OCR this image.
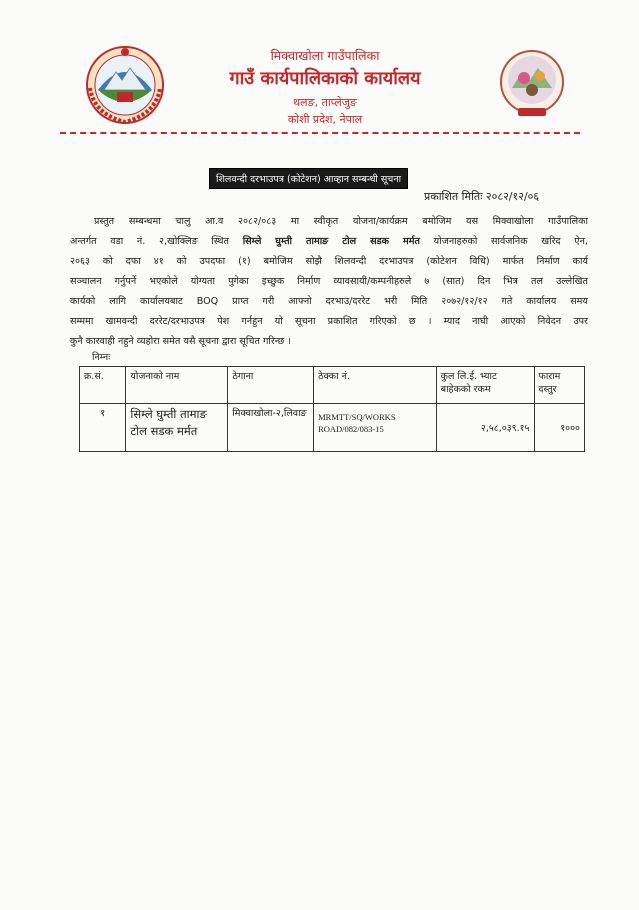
मिक्वाखोला गाउँपालिका
गाउँ कार्यपालिकाको कार्यालय
थलङ, ताप्लेजुङ
कोशी प्रदेश, नेपाल
शिलवन्दी दरभाउपत्र (कोटेशन) आव्हान सम्बन्धी सूचना
प्रकाशित मितिः २०८२/१२/०६
प्रस्तुत सम्बन्धमा चालु आ.व २०८२/०८३ मा स्वीकृत योजना/कार्यक्रम बमोजिम यस मिक्वाखोला गाउँपालिका
अन्तर्गत वडा नं. २,खोक्लिङ स्थित सिम्ले घुम्ती तामाङ टोल सडक मर्मत योजनाहरुको सार्वजनिक खरिद ऐन,
२०६३ को दफा ४१ को उपदफा (१) बमोजिम सोझै शिलवन्दी दरभाउपत्र (कोटेशन विधि) मार्फत निर्माण कार्य
सञ्चालन गर्नुपर्ने भएकोले योग्यता पुगेका इच्छुक निर्माण व्यावसायी/कम्पनीहरुले ७ (सात) दिन भित्र तल उल्लेखित
कार्यको लागि कार्यालयबाट BOQ प्राप्त गरी आफ्नो दरभाउ/दररेट भरी मिति २०७२/१२/१२ गते कार्यालय समय
सम्ममा खामवन्दी दररेट/दरभाउपत्र पेश गर्नहुन यो सूचना प्रकाशित गरिएको छ । म्याद नाघी आएको निवेदन उपर
कुनै कारवाही नहुने व्यहोरा समेत यसै सूचना द्वारा सूचित गरिन्छ ।
निम्नः
क्र.सं.	योजनाको नाम	ठेगाना	ठेक्का नं.	कुल लि.ई. भ्याट बाहेकको रकम	फाराम दस्तुर
१	सिम्ले घुम्ती तामाङ टोल सडक मर्मत	मिक्वाखोला-२,लिवाङ	MRMTT/SQ/WORKS ROAD/082/083-15	२,५८,०३९.१५	१०००
